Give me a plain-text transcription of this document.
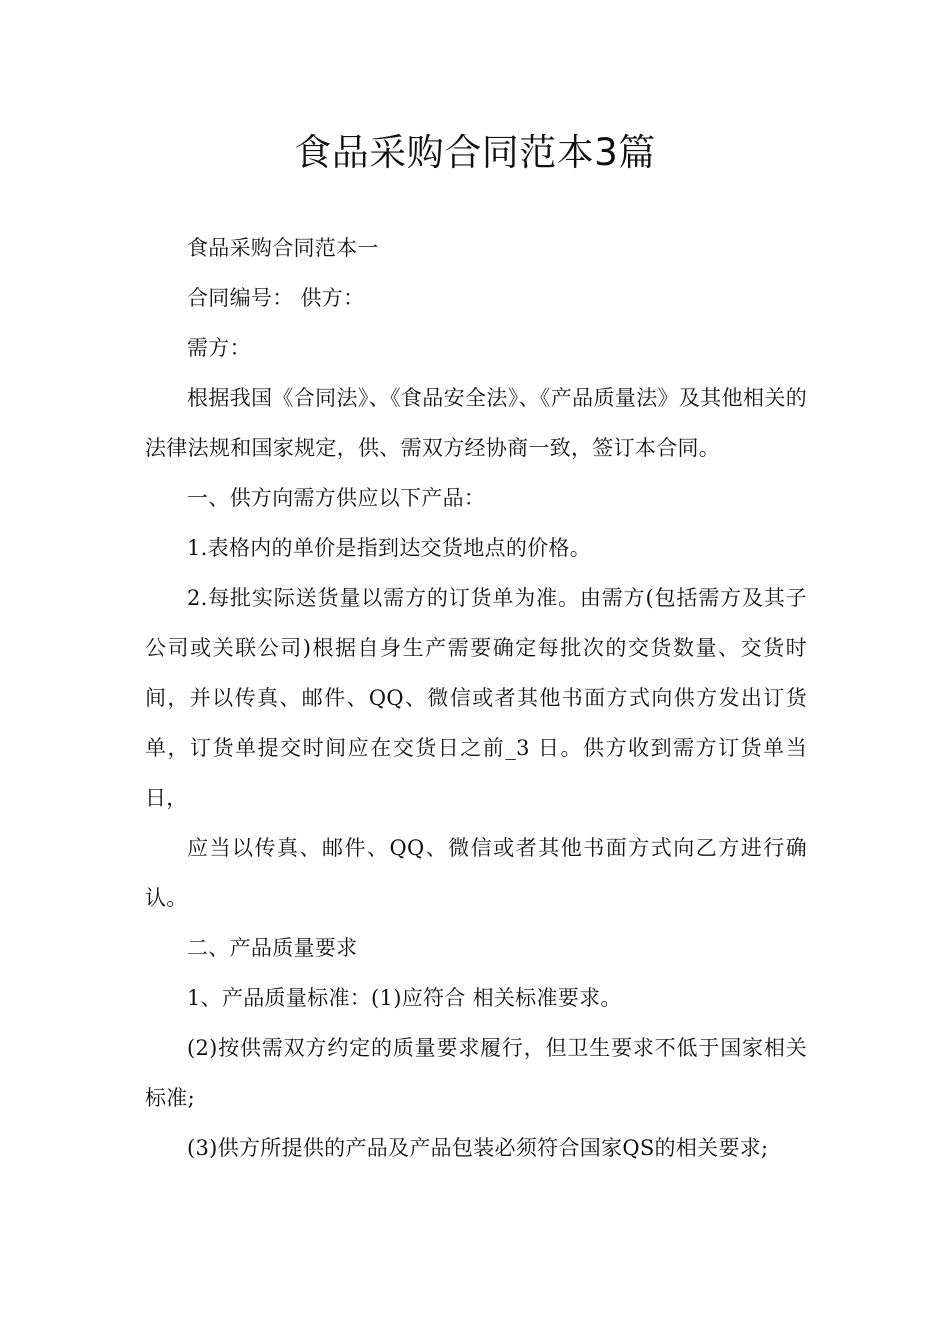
食品采购合同范本3篇

食品采购合同范本一

合同编号： 供方：

需方：

根据我国《合同法》、《食品安全法》、《产品质量法》及其他相关的法律法规和国家规定，供、需双方经协商一致，签订本合同。

一、供方向需方供应以下产品：

1.表格内的单价是指到达交货地点的价格。

2.每批实际送货量以需方的订货单为准。由需方(包括需方及其子公司或关联公司)根据自身生产需要确定每批次的交货数量、交货时间，并以传真、邮件、QQ、微信或者其他书面方式向供方发出订货单，订货单提交时间应在交货日之前_3 日。供方收到需方订货单当日，

应当以传真、邮件、QQ、微信或者其他书面方式向乙方进行确认。

二、产品质量要求

1、产品质量标准：(1)应符合 相关标准要求。

(2)按供需双方约定的质量要求履行，但卫生要求不低于国家相关标准;

(3)供方所提供的产品及产品包装必须符合国家QS的相关要求;
